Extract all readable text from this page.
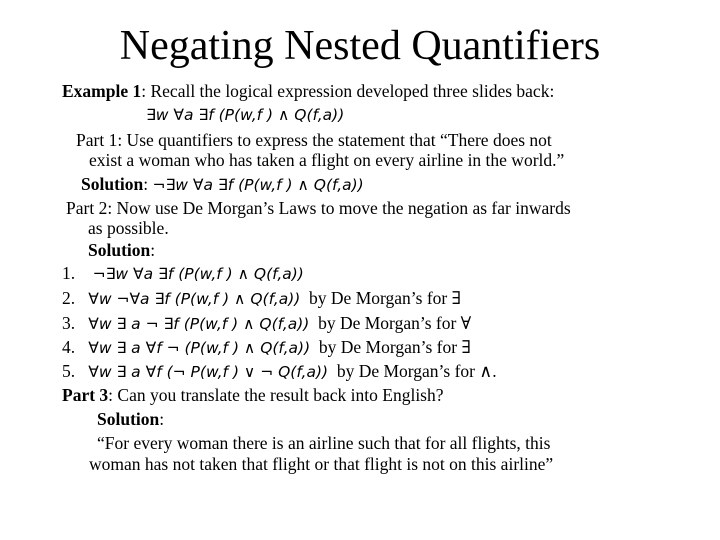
Negating Nested Quantifiers
Example 1: Recall the logical expression developed three slides back:
∃w ∀a ∃f (P(w,f ) ∧ Q(f,a))
Part 1: Use quantifiers to express the statement that “There does not
exist a woman who has taken a flight on every airline in the world.”
Solution: ¬∃w ∀a ∃f (P(w,f ) ∧ Q(f,a))
Part 2: Now use De Morgan’s Laws to move the negation as far inwards
as possible.
Solution:
1. ¬∃w ∀a ∃f (P(w,f ) ∧ Q(f,a))
2. ∀w ¬∀a ∃f (P(w,f ) ∧ Q(f,a)) by De Morgan’s for ∃
3. ∀w ∃ a ¬ ∃f (P(w,f ) ∧ Q(f,a)) by De Morgan’s for ∀
4. ∀w ∃ a ∀f ¬ (P(w,f ) ∧ Q(f,a)) by De Morgan’s for ∃
5. ∀w ∃ a ∀f (¬ P(w,f ) ∨ ¬ Q(f,a)) by De Morgan’s for ∧.
Part 3: Can you translate the result back into English?
Solution:
“For every woman there is an airline such that for all flights, this
woman has not taken that flight or that flight is not on this airline”
